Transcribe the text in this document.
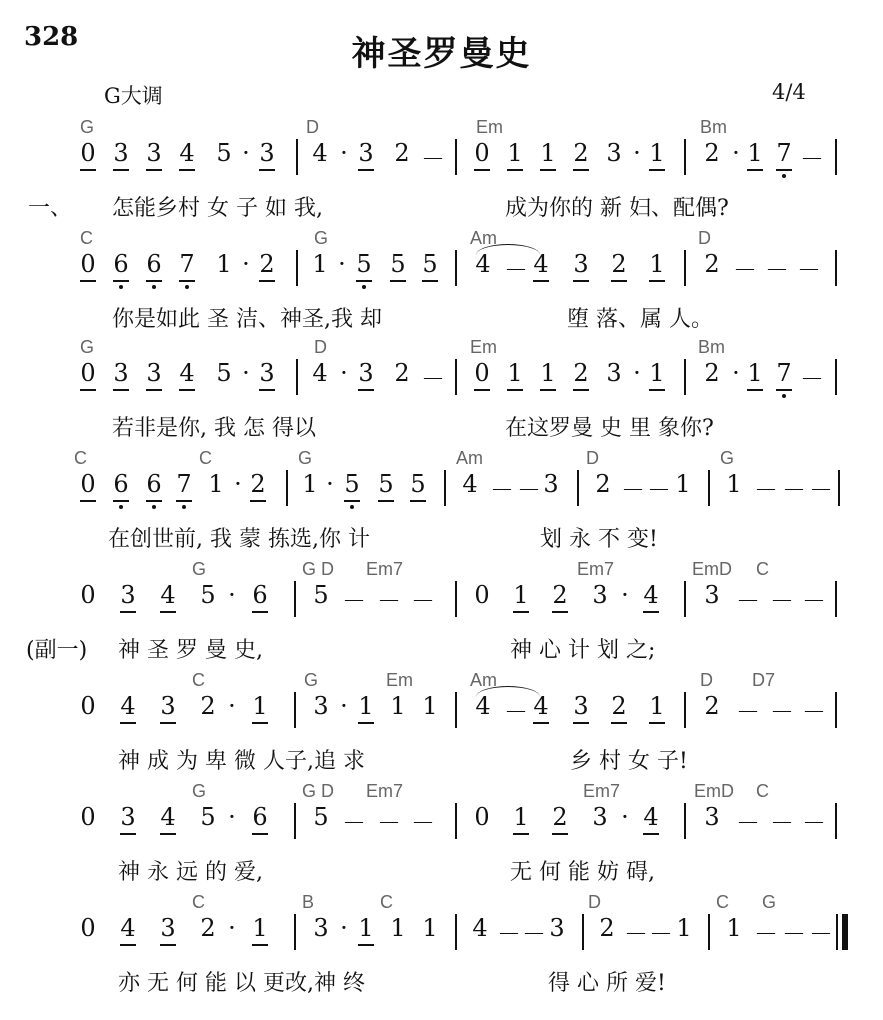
328	神圣罗曼史
G大调	4/4
G	D	Em	Bm
0 3 3 4 5 · 3 4 · 3 2 － 0 1 1 2 3 · 1 2 · 1 7 －
一、 怎能乡村 女 子 如 我,	成为你的 新 妇、配偶?
C	G	Am	D
0 6 6 7 1 · 2 1 · 5 5 5 4 － 4 3 2 1 2 － － －
你是如此 圣 洁、神圣,我 却	堕 落、属 人。
G	D	Em	Bm
0 3 3 4 5 · 3 4 · 3 2 － 0 1 1 2 3 · 1 2 · 1 7 －
若非是你, 我 怎 得以	在这罗曼 史 里 象你?
C	C	G	Am	D	G
0 6 6 7 1 · 2 1 · 5 5 5 4 － － 3 2 － － 1 1 － － －
在创世前, 我 蒙 拣选,你 计	划 永 不 变!
G	G D Em7	Em7	EmD C
0 3 4 5 · 6 5 － － － 0 1 2 3 · 4 3 － － －
(副一) 神 圣 罗 曼 史,	神 心 计 划 之;
C	G	Em	Am	D D7
0 4 3 2 · 1 3 · 1 1 1 4 － 4 3 2 1 2 － － －
神 成 为 卑 微 人子,追 求	乡 村 女 子!
G	G D Em7	Em7	EmD C
0 3 4 5 · 6 5 － － － 0 1 2 3 · 4 3 － － －
神 永 远 的 爱,	无 何 能 妨 碍,
C	B	C	D	C G
0 4 3 2 · 1 3 · 1 1 1 4 － － 3 2 － － 1 1 － － －
亦 无 何 能 以 更改,神 终	得 心 所 爱!
